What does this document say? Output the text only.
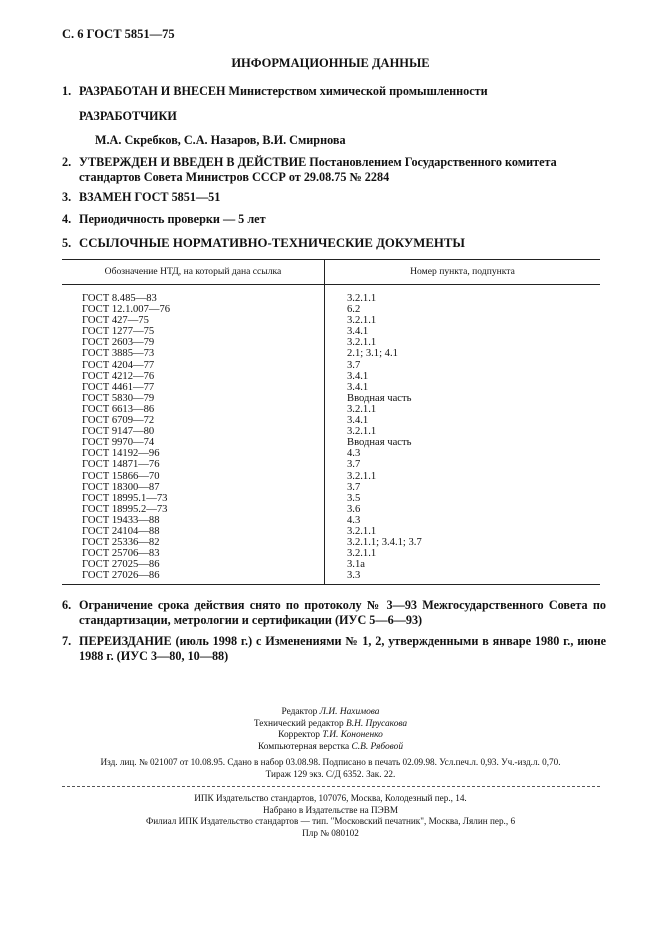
С. 6 ГОСТ 5851—75
ИНФОРМАЦИОННЫЕ ДАННЫЕ
1. РАЗРАБОТАН И ВНЕСЕН Министерством химической промышленности
РАЗРАБОТЧИКИ
М.А. Скребков, С.А. Назаров, В.И. Смирнова
2. УТВЕРЖДЕН И ВВЕДЕН В ДЕЙСТВИЕ Постановлением Государственного комитета стандартов Совета Министров СССР от 29.08.75 № 2284
3. ВЗАМЕН ГОСТ 5851—51
4. Периодичность проверки — 5 лет
5. ССЫЛОЧНЫЕ НОРМАТИВНО-ТЕХНИЧЕСКИЕ ДОКУМЕНТЫ
Обозначение НТД, на который дана ссылка	Номер пункта, подпункта

ГОСТ 8.485—83	3.2.1.1
ГОСТ 12.1.007—76	6.2
ГОСТ 427—75	3.2.1.1
ГОСТ 1277—75	3.4.1
ГОСТ 2603—79	3.2.1.1
ГОСТ 3885—73	2.1; 3.1; 4.1
ГОСТ 4204—77	3.7
ГОСТ 4212—76	3.4.1
ГОСТ 4461—77	3.4.1
ГОСТ 5830—79	Вводная часть
ГОСТ 6613—86	3.2.1.1
ГОСТ 6709—72	3.4.1
ГОСТ 9147—80	3.2.1.1
ГОСТ 9970—74	Вводная часть
ГОСТ 14192—96	4.3
ГОСТ 14871—76	3.7
ГОСТ 15866—70	3.2.1.1
ГОСТ 18300—87	3.7
ГОСТ 18995.1—73	3.5
ГОСТ 18995.2—73	3.6
ГОСТ 19433—88	4.3
ГОСТ 24104—88	3.2.1.1
ГОСТ 25336—82	3.2.1.1; 3.4.1; 3.7
ГОСТ 25706—83	3.2.1.1
ГОСТ 27025—86	3.1а
ГОСТ 27026—86	3.3

6. Ограничение срока действия снято по протоколу № 3—93 Межгосударственного Совета по стандартизации, метрологии и сертификации (ИУС 5—6—93)
7. ПЕРЕИЗДАНИЕ (июль 1998 г.) с Изменениями № 1, 2, утвержденными в январе 1980 г., июне 1988 г. (ИУС 3—80, 10—88)
Редактор Л.И. Нахимова
Технический редактор В.Н. Прусакова
Корректор Т.И. Кононенко
Компьютерная верстка С.В. Рябовой
Изд. лиц. № 021007 от 10.08.95. Сдано в набор 03.08.98. Подписано в печать 02.09.98. Усл.печ.л. 0,93. Уч.-изд.л. 0,70.
Тираж 129 экз. С/Д 6352. Зак. 22.
ИПК Издательство стандартов, 107076, Москва, Колодезный пер., 14.
Набрано в Издательстве на ПЭВМ
Филиал ИПК Издательство стандартов — тип. "Московский печатник", Москва, Лялин пер., 6
Плр № 080102
